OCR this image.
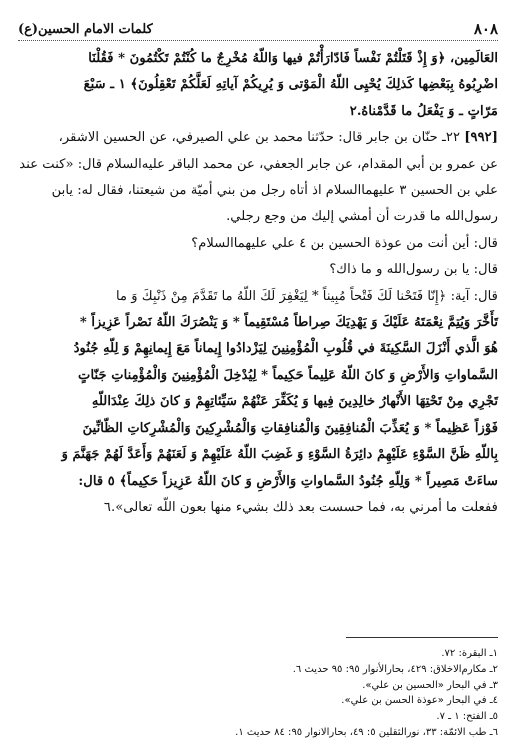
٨٠٨
كلمات الامام الحسين(ع)

العَالَمِين‌، ﴿وَ إِذْ قَتَلْتُمْ نَفْساً فَادّارَأْتُمْ فيها وَاللّهُ مُخْرِجٌ ما كُنْتُمْ تَكْتُمُونَ * فَقُلْنَا

اضْرِبُوهُ بِبَعْضِها كَذلِكَ يُحْيِى اللّهُ الْمَوْتى وَ يُرِيكُمْ آياتِهِ لَعَلَّكُمْ تَعْقِلُونَ﴾ ١ ـ سَبْعَ

مَرّاتٍ ـ وَ يَفْعَلُ ما قَدَّمْناهُ.٢

[٩٩٢] ٢٢ـ حنّان بن جابر قال: حدّثنا محمد بن علي الصيرفي، عن الحسين الاشقر،

عن عمرو بن أبي المقدام، عن جابر الجعفي، عن محمد الباقر عليه‌السلام قال: «كنت عند

علي بن الحسين ٣ عليهما‌السلام اذ أتاه رجل من بني أميّة من شيعتنا، فقال له: يابن

رسول‌الله ما قدرت أن أمشي إليك من وجع رجلي.

قال: أين أنت من عوذة الحسين بن ٤ علي عليهما‌السلام؟

قال: يا بن رسول‌الله و ما ذاك؟

قال: آية: ﴿إِنّا فَتَحْنا لَكَ فَتْحاً مُبِيناً * لِيَغْفِرَ لَكَ اللّهُ ما تَقَدَّمَ مِنْ ذَنْبِكَ وَ ما

تَأَخَّرَ وَيُتِمَّ نِعْمَتَهُ عَلَيْكَ وَ يَهْدِيَكَ صِراطاً مُسْتَقِيماً * وَ يَنْصُرَكَ اللّهُ نَصْراً عَزِيزاً *

هُوَ الَّذي أَنْزَلَ السَّكِينَةَ في قُلُوبِ الْمُؤْمِنِينَ لِيَزْدادُوا إِيماناً مَعَ إِيمانِهِمْ وَ لِلّهِ جُنُودُ

السَّماواتِ وَالأَرْضِ وَ كانَ اللّهُ عَلِيماً حَكِيماً * لِيُدْخِلَ الْمُؤْمِنِينَ وَالْمُؤْمِناتِ جَنّاتٍ

تَجْرِي مِنْ تَحْتِهَا الأَنْهارُ خالِدِينَ فِيها وَ يُكَفِّرَ عَنْهُمْ سَيِّئاتِهِمْ وَ كانَ ذلِكَ عِنْدَاللّهِ

فَوْزاً عَظِيماً * وَ يُعَذِّبَ الْمُنافِقِينَ وَالْمُنافِقاتِ وَالْمُشْرِكِينَ وَالْمُشْرِكاتِ الظّانِّينَ

بِاللّهِ ظَنَّ السَّوْءِ عَلَيْهِمْ دائِرَةُ السَّوْءِ وَ غَضِبَ اللّهُ عَلَيْهِمْ وَ لَعَنَهُمْ وَأَعَدَّ لَهُمْ جَهَنَّمَ وَ

ساءَتْ مَصِيراً * وَلِلّهِ جُنُودُ السَّماواتِ وَالأَرْضِ وَ كانَ اللّهُ عَزِيزاً حَكِيماً﴾ ٥ قال:

ففعلت ما أمرني به، فما حسست بعد ذلك بشيء منها بعون اللّه تعالى».٦

١ـ البقرة: ٧٢.

٢ـ مكارم‌الاخلاق: ٤٢٩، بحارالأنوار ٩٥: ٩٥ حديث ٦.

٣ـ في البحار «الحسين بن علي».

٤ـ في البحار «عوذة الحسن بن علي».

٥ـ الفتح: ١ ـ ٧.

٦ـ طب الائمّة: ٣٣، نورالثقلين ٥: ٤٩، بحارالانوار ٩٥: ٨٤ حديث ١.
